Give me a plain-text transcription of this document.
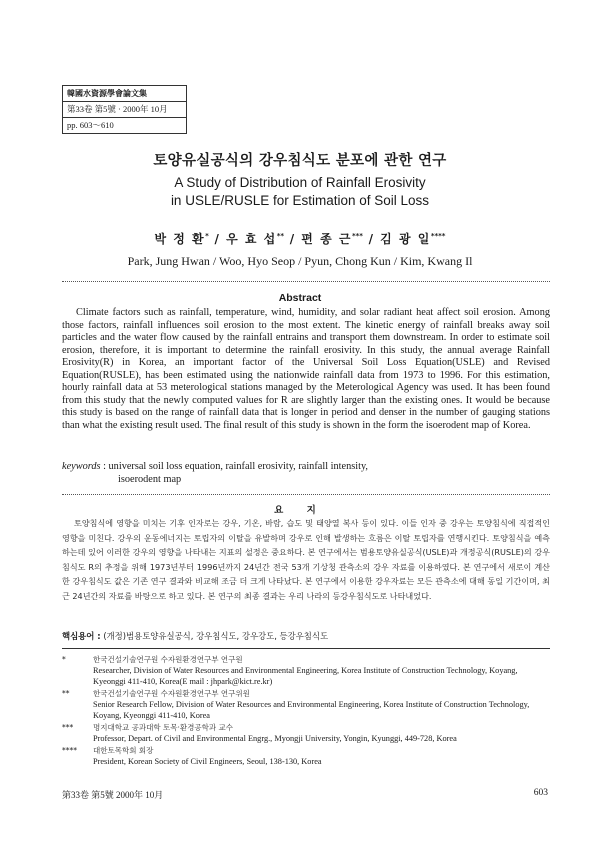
韓國水資源學會論文集
第33卷 第5號 · 2000年 10月
pp. 603～610
토양유실공식의 강우침식도 분포에 관한 연구
A Study of Distribution of Rainfall Erosivity
in USLE/RUSLE for Estimation of Soil Loss
박 정 환* / 우 효 섭** / 편 종 근*** / 김 광 일****
Park, Jung Hwan / Woo, Hyo Seop / Pyun, Chong Kun / Kim, Kwang Il
Abstract
Climate factors such as rainfall, temperature, wind, humidity, and solar radiant heat affect soil erosion. Among those factors, rainfall influences soil erosion to the most extent. The kinetic energy of rainfall breaks away soil particles and the water flow caused by the rainfall entrains and transport them downstream. In order to estimate soil erosion, therefore, it is important to determine the rainfall erosivity. In this study, the annual average Rainfall Erosivity(R) in Korea, an important factor of the Universal Soil Loss Equation(USLE) and Revised Equation(RUSLE), has been estimated using the nationwide rainfall data from 1973 to 1996. For this estimation, hourly rainfall data at 53 meterological stations managed by the Meterological Agency was used. It has been found from this study that the newly computed values for R are slightly larger than the existing ones. It would be because this study is based on the range of rainfall data that is longer in period and denser in the number of gauging stations than what the existing result used. The final result of this study is shown in the form the isoerodent map of Korea.
keywords : universal soil loss equation, rainfall erosivity, rainfall intensity,
isoerodent map
요 지
토양침식에 영향을 미치는 기후 인자로는 강우, 기온, 바람, 습도 및 태양열 복사 등이 있다. 이들 인자 중 강우는 토양침식에 직접적인 영향을 미친다. 강우의 운동에너지는 토립자의 이탈을 유발하며 강우로 인해 발생하는 흐름은 이탈 토립자를 연행시킨다. 토양침식을 예측하는데 있어 이러한 강우의 영향을 나타내는 지표의 설정은 중요하다. 본 연구에서는 범용토양유실공식(USLE)과 개정공식(RUSLE)의 강우침식도 R의 추정을 위해 1973년부터 1996년까지 24년간 전국 53개 기상청 관측소의 강우 자료를 이용하였다. 본 연구에서 새로이 계산한 강우침식도 값은 기존 연구 결과와 비교해 조금 더 크게 나타났다. 본 연구에서 이용한 강우자료는 모든 관측소에 대해 동일 기간이며, 최근 24년간의 자료를 바탕으로 하고 있다. 본 연구의 최종 결과는 우리 나라의 등강우침식도로 나타내었다.
핵심용어 : (개정)범용토양유실공식, 강우침식도, 강우강도, 등강우침식도
*	한국건설기술연구원 수자원환경연구부 연구원
Researcher, Division of Water Resources and Environmental Engineering, Korea Institute of Construction Technology, Koyang, Kyeonggi 411-410, Korea(E mail : jhpark@kict.re.kr)
**	한국건설기술연구원 수자원환경연구부 연구위원
Senior Research Fellow, Division of Water Resources and Environmental Engineering, Korea Institute of Construction Technology, Koyang, Kyeonggi 411-410, Korea
***	명지대학교 공과대학 토목·환경공학과 교수
Professor, Depart. of Civil and Environmental Engrg., Myongji University, Yongin, Kyunggi, 449-728, Korea
****	대한토목학회 회장
President, Korean Society of Civil Engineers, Seoul, 138-130, Korea
第33卷 第5號 2000年 10月	603
